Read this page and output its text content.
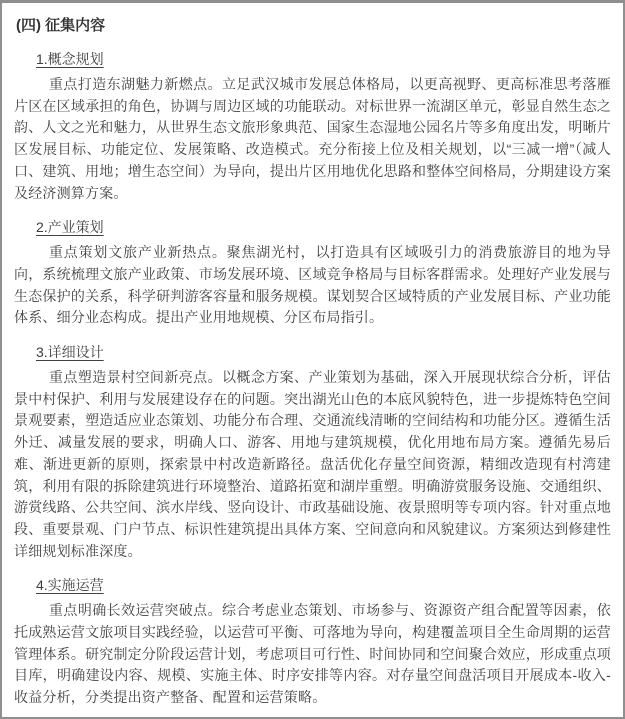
(四) 征集内容
1.概念规划

重点打造东湖魅力新燃点。立足武汉城市发展总体格局，以更高视野、更高标准思考落雁片区在区域承担的角色，协调与周边区域的功能联动。对标世界一流湖区单元，彰显自然生态之韵、人文之光和魅力，从世界生态文旅形象典范、国家生态湿地公园名片等多角度出发，明晰片区发展目标、功能定位、发展策略、改造模式。充分衔接上位及相关规划，以“三减一增”（减人口、建筑、用地；增生态空间）为导向，提出片区用地优化思路和整体空间格局，分期建设方案及经济测算方案。

2.产业策划

重点策划文旅产业新热点。聚焦湖光村，以打造具有区域吸引力的消费旅游目的地为导向，系统梳理文旅产业政策、市场发展环境、区域竞争格局与目标客群需求。处理好产业发展与生态保护的关系，科学研判游客容量和服务规模。谋划契合区域特质的产业发展目标、产业功能体系、细分业态构成。提出产业用地规模、分区布局指引。

3.详细设计

重点塑造景村空间新亮点。以概念方案、产业策划为基础，深入开展现状综合分析，评估景中村保护、利用与发展建设存在的问题。突出湖光山色的本底风貌特色，进一步提炼特色空间景观要素，塑造适应业态策划、功能分布合理、交通流线清晰的空间结构和功能分区。遵循生活外迁、减量发展的要求，明确人口、游客、用地与建筑规模，优化用地布局方案。遵循先易后难、渐进更新的原则，探索景中村改造新路径。盘活优化存量空间资源，精细改造现有村湾建筑，利用有限的拆除建筑进行环境整治、道路拓宽和湖岸重塑。明确游赏服务设施、交通组织、游赏线路、公共空间、滨水岸线、竖向设计、市政基础设施、夜景照明等专项内容。针对重点地段、重要景观、门户节点、标识性建筑提出具体方案、空间意向和风貌建议。方案须达到修建性详细规划标准深度。

4.实施运营

重点明确长效运营突破点。综合考虑业态策划、市场参与、资源资产组合配置等因素，依托成熟运营文旅项目实践经验，以运营可平衡、可落地为导向，构建覆盖项目全生命周期的运营管理体系。研究制定分阶段运营计划，考虑项目可行性、时间协同和空间聚合效应，形成重点项目库，明确建设内容、规模、实施主体、时序安排等内容。对存量空间盘活项目开展成本-收入-收益分析，分类提出资产整备、配置和运营策略。
